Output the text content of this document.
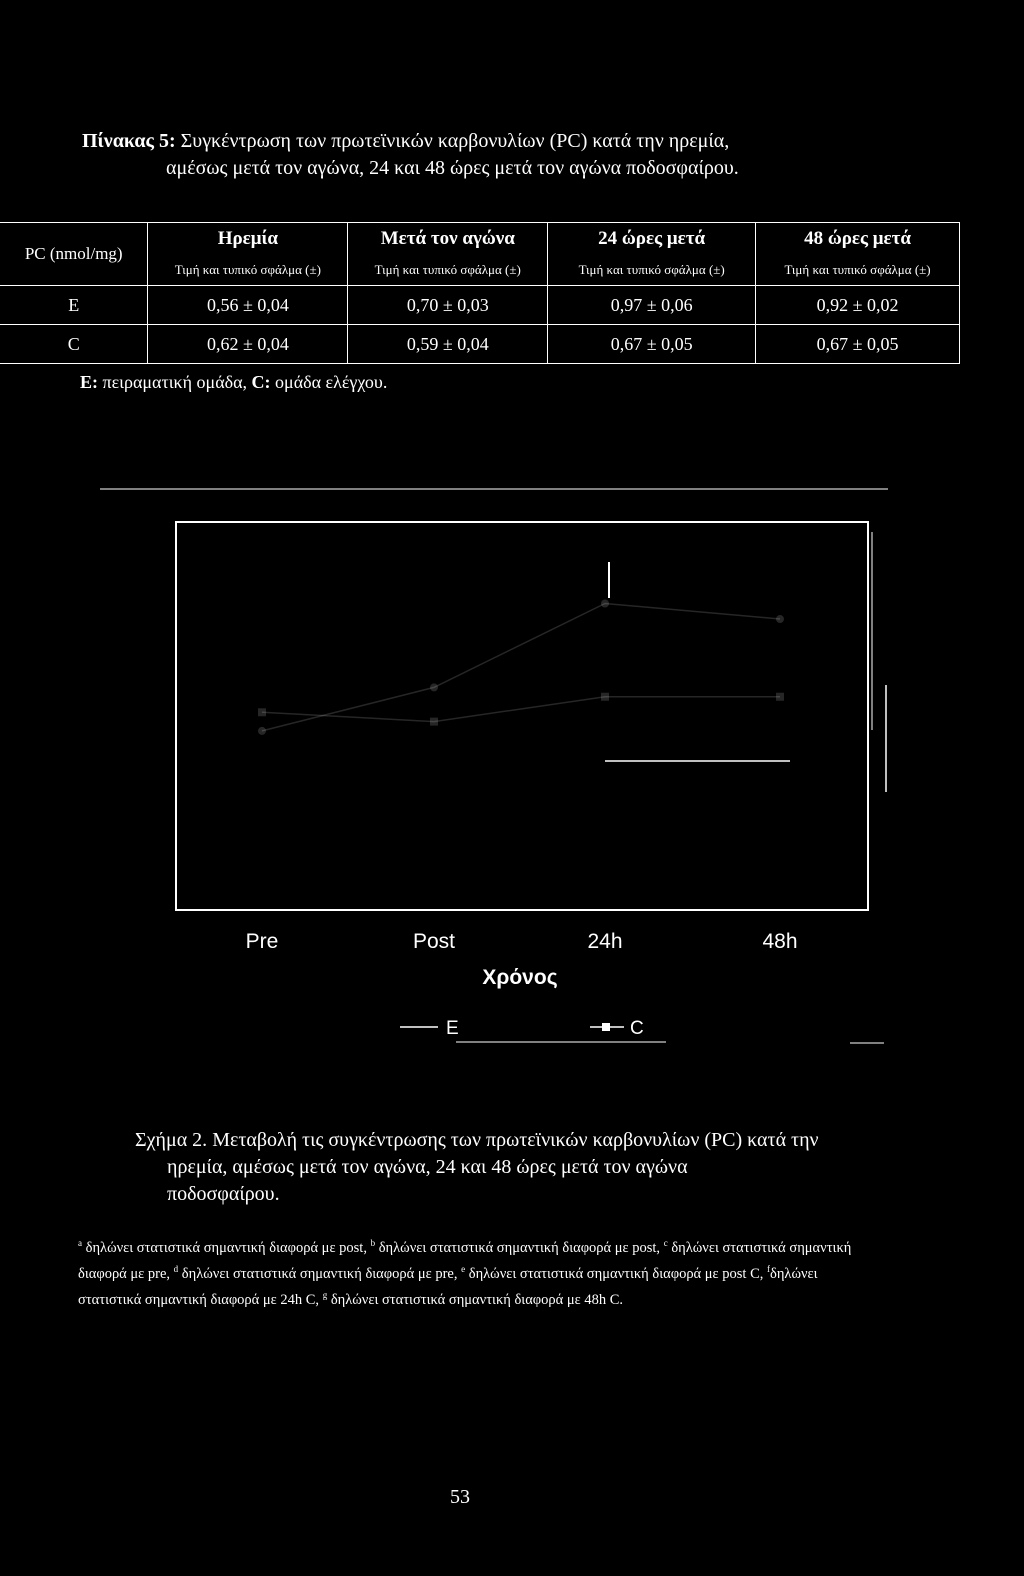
Πίνακας 5: Συγκέντρωση των πρωτεϊνικών καρβονυλίων (PC) κατά την ηρεμία,
αμέσως μετά τον αγώνα, 24 και 48 ώρες μετά τον αγώνα ποδοσφαίρου.
PC (nmol/mg)	Ηρεμία	Μετά τον αγώνα	24 ώρες μετά	48 ώρες μετά
	Τιμή και τυπικό σφάλμα (±)	Τιμή και τυπικό σφάλμα (±)	Τιμή και τυπικό σφάλμα (±)	Τιμή και τυπικό σφάλμα (±)
E	0,56 ± 0,04	0,70 ± 0,03	0,97 ± 0,06	0,92 ± 0,02
C	0,62 ± 0,04	0,59 ± 0,04	0,67 ± 0,05	0,67 ± 0,05
E: πειραματική ομάδα, C: ομάδα ελέγχου.
Pre	Post	24h	48h
Χρόνος
E	C
Σχήμα 2. Μεταβολή τις συγκέντρωσης των πρωτεϊνικών καρβονυλίων (PC) κατά την
ηρεμία, αμέσως μετά τον αγώνα, 24 και 48 ώρες μετά τον αγώνα
ποδοσφαίρου.
$^a$ δηλώνει στατιστικά σημαντική διαφορά με post, $^b$ δηλώνει στατιστικά σημαντική διαφορά με post, $^c$ δηλώνει στατιστικά σημαντική διαφορά με pre, $^d$ δηλώνει στατιστικά σημαντική διαφορά με pre, $^e$ δηλώνει στατιστικά σημαντική διαφορά με post C, $^f$δηλώνει στατιστικά σημαντική διαφορά με 24h C, $^g$ δηλώνει στατιστικά σημαντική διαφορά με 48h C.
53
